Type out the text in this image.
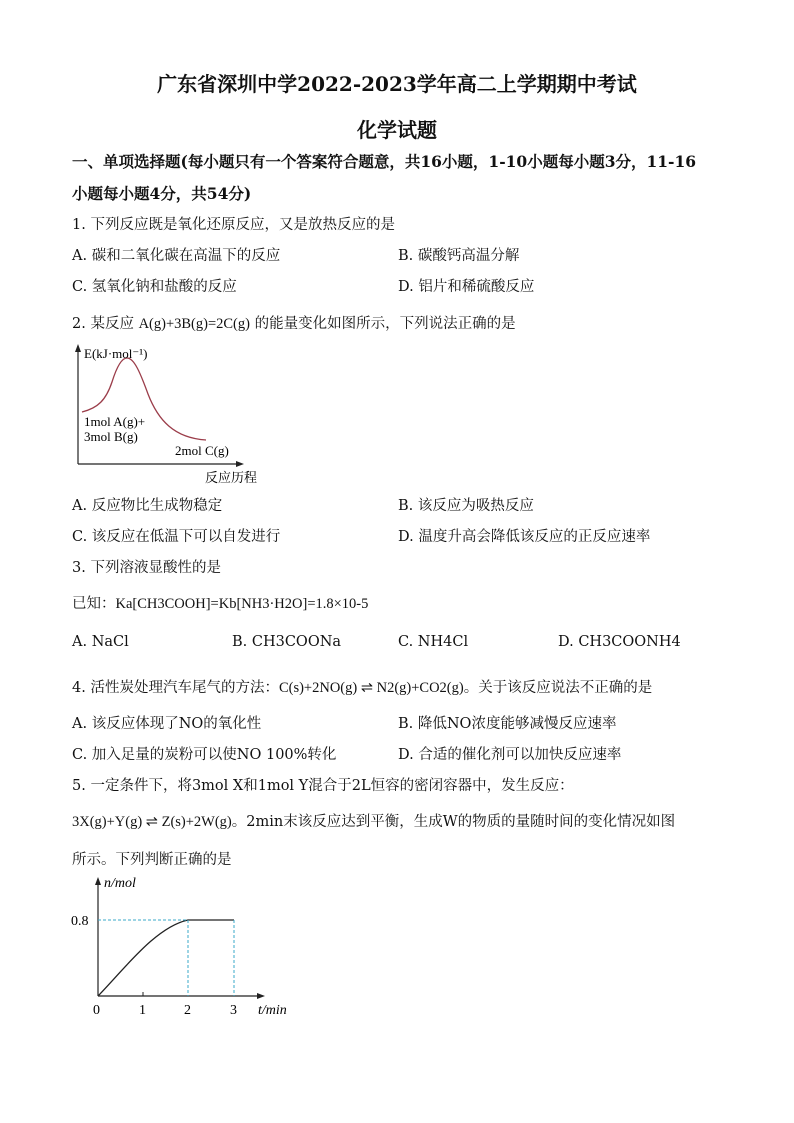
广东省深圳中学2022-2023学年高二上学期期中考试
化学试题
一、单项选择题(每小题只有一个答案符合题意，共16小题，1-10小题每小题3分，11-16
小题每小题4分，共54分)
1. 下列反应既是氧化还原反应，又是放热反应的是
A. 碳和二氧化碳在高温下的反应	B. 碳酸钙高温分解
C. 氢氧化钠和盐酸的反应	D. 铝片和稀硫酸反应
2. 某反应 A(g)+3B(g)=2C(g) 的能量变化如图所示，下列说法正确的是
E(kJ·mol⁻¹)
1mol A(g)+
3mol B(g)
2mol C(g)
反应历程
A. 反应物比生成物稳定	B. 该反应为吸热反应
C. 该反应在低温下可以自发进行	D. 温度升高会降低该反应的正反应速率
3. 下列溶液显酸性的是
已知：Ka[CH3COOH]=Kb[NH3·H2O]=1.8×10-5
A. NaCl	B. CH3COONa	C. NH4Cl	D. CH3COONH4
4. 活性炭处理汽车尾气的方法：C(s)+2NO(g) ⇌ N2(g)+CO2(g)。关于该反应说法不正确的是
A. 该反应体现了NO的氧化性	B. 降低NO浓度能够减慢反应速率
C. 加入足量的炭粉可以使NO 100%转化	D. 合适的催化剂可以加快反应速率
5. 一定条件下，将3mol X和1mol Y混合于2L恒容的密闭容器中，发生反应：
3X(g)+Y(g) ⇌ Z(s)+2W(g)。2min末该反应达到平衡，生成W的物质的量随时间的变化情况如图
所示。下列判断正确的是
n/mol
0.8
0	1	2	3 t/min
